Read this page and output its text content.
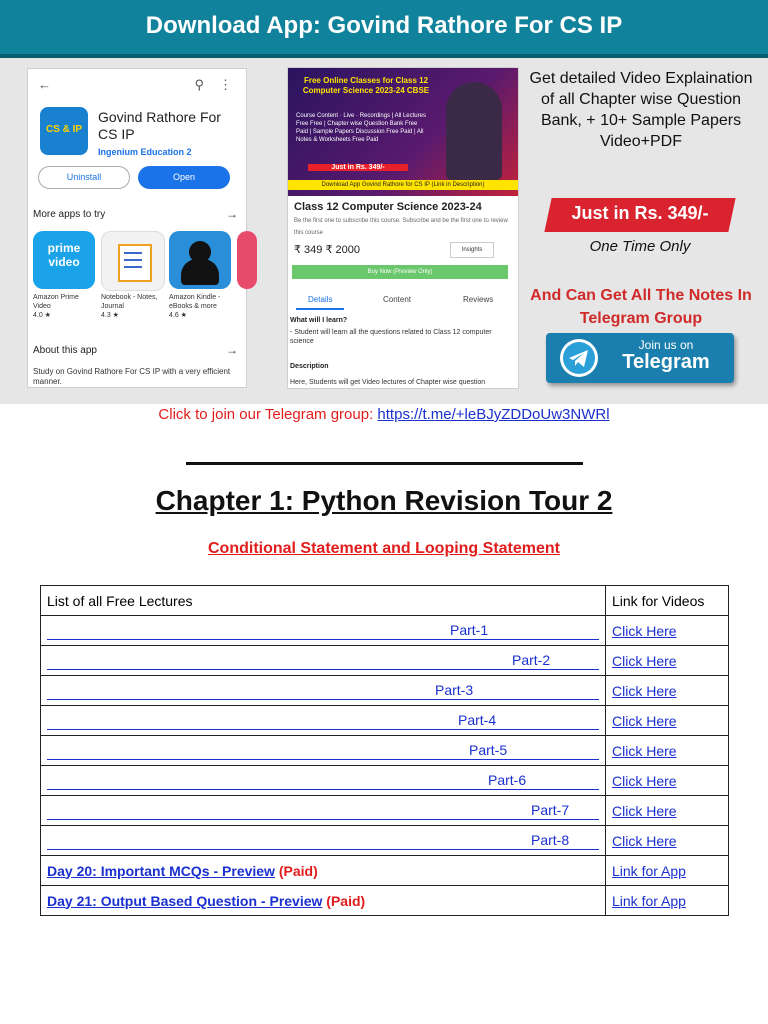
Download App: Govind Rathore For CS IP
←	⚲ ⋮
CS & IP
Govind Rathore For CS IP
Ingenium Education 2
Uninstall	Open
More apps to try	→
prime video
Amazon Prime Video
4.0 ★
Notebook - Notes, Journal
4.3 ★
Amazon Kindle - eBooks & more
4.6 ★
About this app	→
Study on Govind Rathore For CS IP with a very efficient manner.
Free Online Classes for Class 12 Computer Science 2023-24 CBSE
Course Content · Live · Recordings | All Lectures Free Free | Chapter wise Question Bank Free Paid | Sample Papers Discussion Free Paid | All Notes & Worksheets Free Paid
Just in Rs. 349/-
Download App Govind Rathore for CS IP (Link in Description)
Class 12 Computer Science 2023-24
Be the first one to subscribe this course. Subscribe and be the first one to review this course
₹ 349 ₹ 2000	Insights
Buy Now (Preview Only)
Details	Content	Reviews
What will I learn?
- Student will learn all the questions related to Class 12 computer science
Description
Here, Students will get Video lectures of Chapter wise question
Get detailed Video Explaination of all Chapter wise Question Bank, + 10+ Sample Papers Video+PDF
Just in Rs. 349/-
One Time Only
And Can Get All The Notes In Telegram Group
Join us on
Telegram
Click to join our Telegram group: https://t.me/+leBJyZDDoUw3NWRl
Chapter 1: Python Revision Tour 2
Conditional Statement and Looping Statement
List of all Free Lectures	Link for Videos

Part-1	Click Here

Part-2	Click Here

Part-3	Click Here

Part-4	Click Here

Part-5	Click Here

Part-6	Click Here

Part-7	Click Here

Part-8	Click Here
Day 20: Important MCQs - Preview (Paid)	Link for App
Day 21: Output Based Question - Preview (Paid)	Link for App
